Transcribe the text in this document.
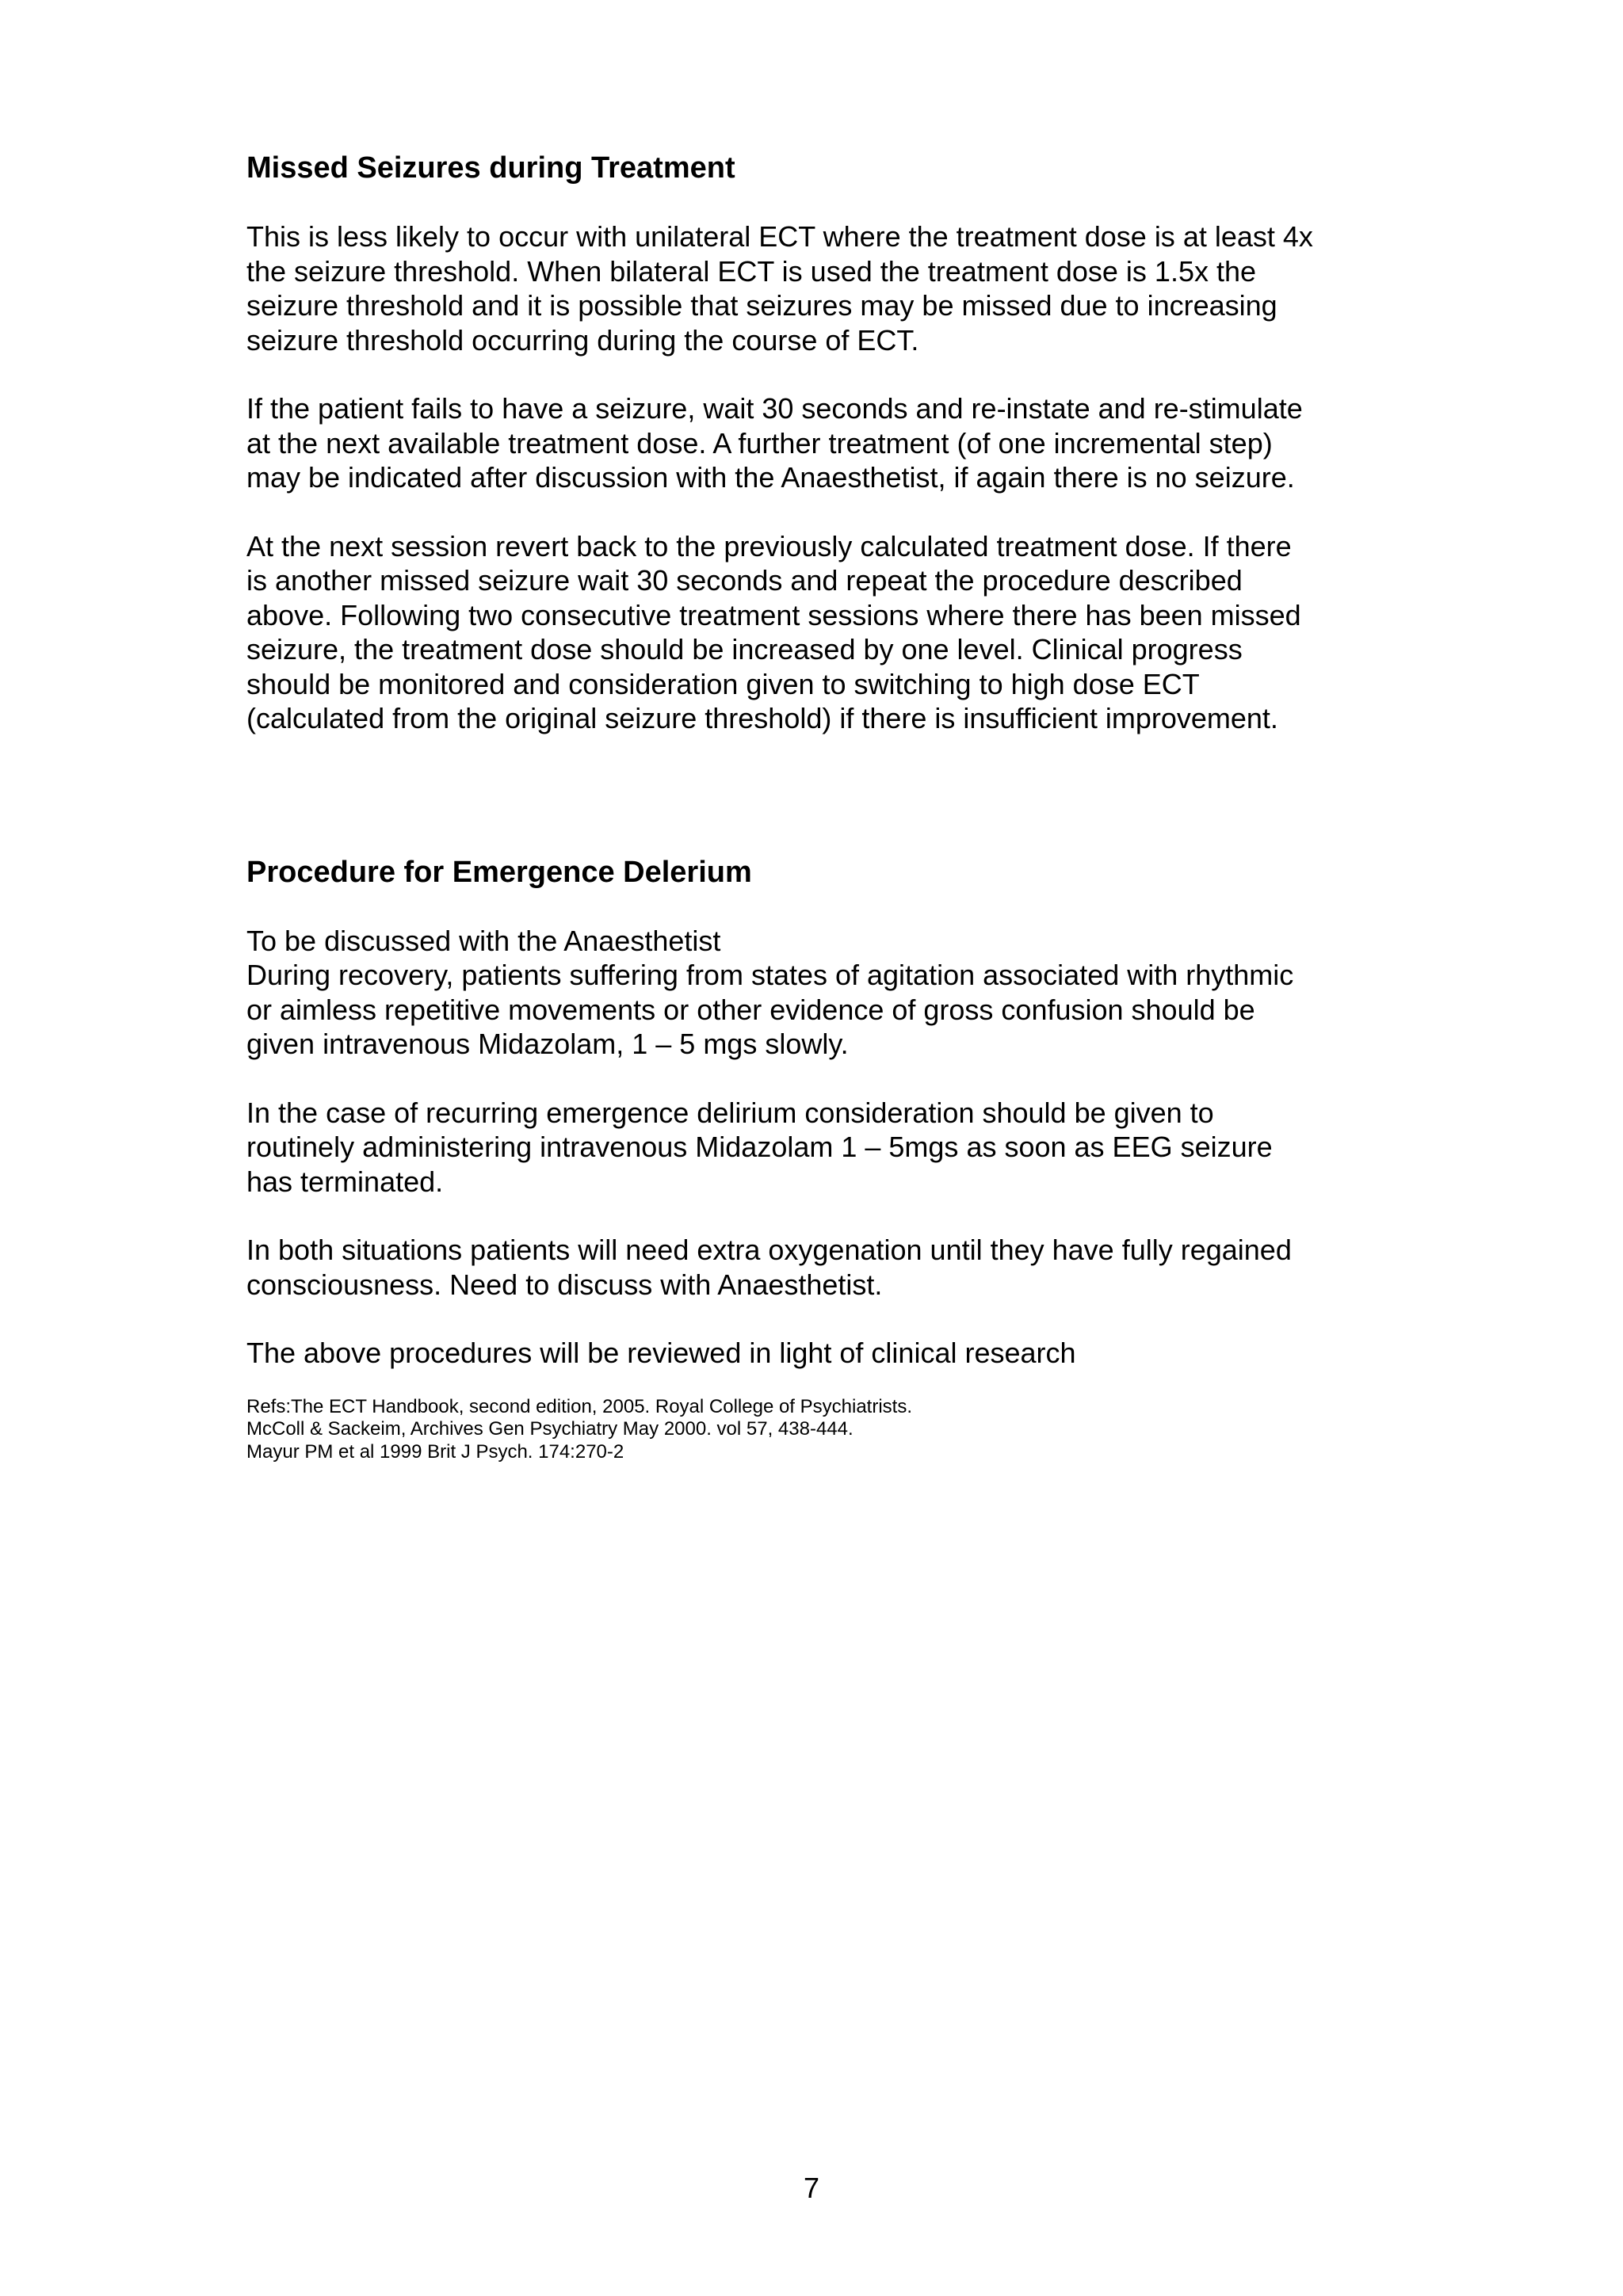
Missed Seizures during Treatment

This is less likely to occur with unilateral ECT where the treatment dose is at least 4x
the seizure threshold. When bilateral ECT is used the treatment dose is 1.5x the
seizure threshold and it is possible that seizures may be missed due to increasing
seizure threshold occurring during the course of ECT.

If the patient fails to have a seizure, wait 30 seconds and re-instate and re-stimulate
at the next available treatment dose. A further treatment (of one incremental step)
may be indicated after discussion with the Anaesthetist, if again there is no seizure.

At the next session revert back to the previously calculated treatment dose. If there
is another missed seizure wait 30 seconds and repeat the procedure described
above. Following two consecutive treatment sessions where there has been missed
seizure, the treatment dose should be increased by one level. Clinical progress
should be monitored and consideration given to switching to high dose ECT
(calculated from the original seizure threshold) if there is insufficient improvement.

Procedure for Emergence Delerium

To be discussed with the Anaesthetist
During recovery, patients suffering from states of agitation associated with rhythmic
or aimless repetitive movements or other evidence of gross confusion should be
given intravenous Midazolam, 1 – 5 mgs slowly.

In the case of recurring emergence delirium consideration should be given to
routinely administering intravenous Midazolam 1 – 5mgs as soon as EEG seizure
has terminated.

In both situations patients will need extra oxygenation until they have fully regained
consciousness. Need to discuss with Anaesthetist.

The above procedures will be reviewed in light of clinical research

Refs:The ECT Handbook, second edition, 2005. Royal College of Psychiatrists.
McColl & Sackeim, Archives Gen Psychiatry May 2000. vol 57, 438-444.
Mayur PM et al 1999 Brit J Psych. 174:270-2
7
